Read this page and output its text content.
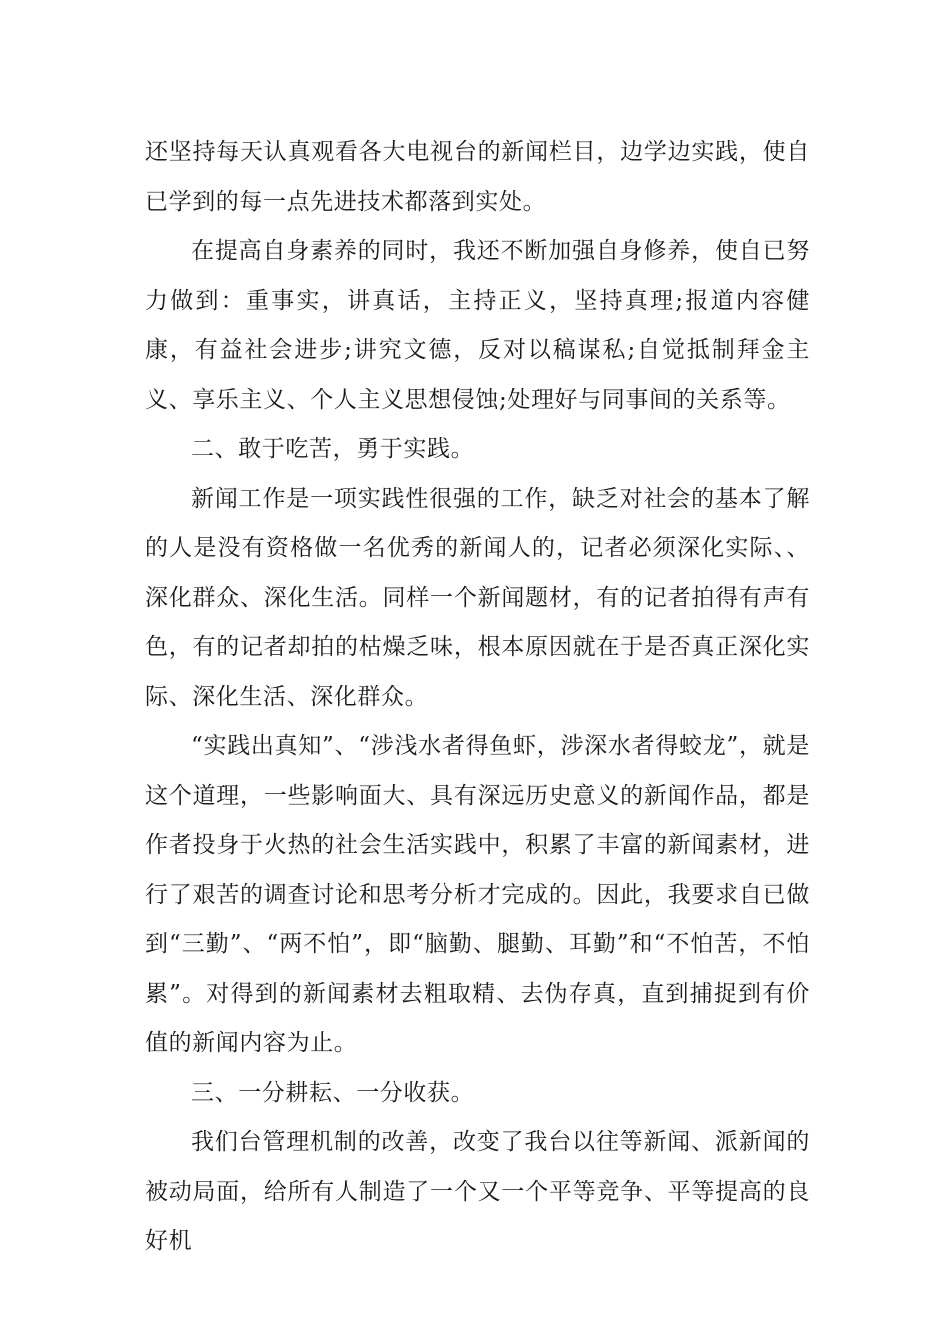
还坚持每天认真观看各大电视台的新闻栏目，边学边实践，使自已学到的每一点先进技术都落到实处。

在提高自身素养的同时，我还不断加强自身修养，使自已努力做到：重事实，讲真话，主持正义，坚持真理;报道内容健康，有益社会进步;讲究文德，反对以稿谋私;自觉抵制拜金主义、享乐主义、个人主义思想侵蚀;处理好与同事间的关系等。

二、敢于吃苦，勇于实践。

新闻工作是一项实践性很强的工作，缺乏对社会的基本了解的人是没有资格做一名优秀的新闻人的，记者必须深化实际、、深化群众、深化生活。同样一个新闻题材，有的记者拍得有声有色，有的记者却拍的枯燥乏味，根本原因就在于是否真正深化实际、深化生活、深化群众。

“实践出真知”、“涉浅水者得鱼虾，涉深水者得蛟龙”，就是这个道理，一些影响面大、具有深远历史意义的新闻作品，都是作者投身于火热的社会生活实践中，积累了丰富的新闻素材，进行了艰苦的调查讨论和思考分析才完成的。因此，我要求自已做到“三勤”、“两不怕”，即“脑勤、腿勤、耳勤”和“不怕苦，不怕累”。对得到的新闻素材去粗取精、去伪存真，直到捕捉到有价值的新闻内容为止。

三、一分耕耘、一分收获。

我们台管理机制的改善，改变了我台以往等新闻、派新闻的被动局面，给所有人制造了一个又一个平等竞争、平等提高的良好机
